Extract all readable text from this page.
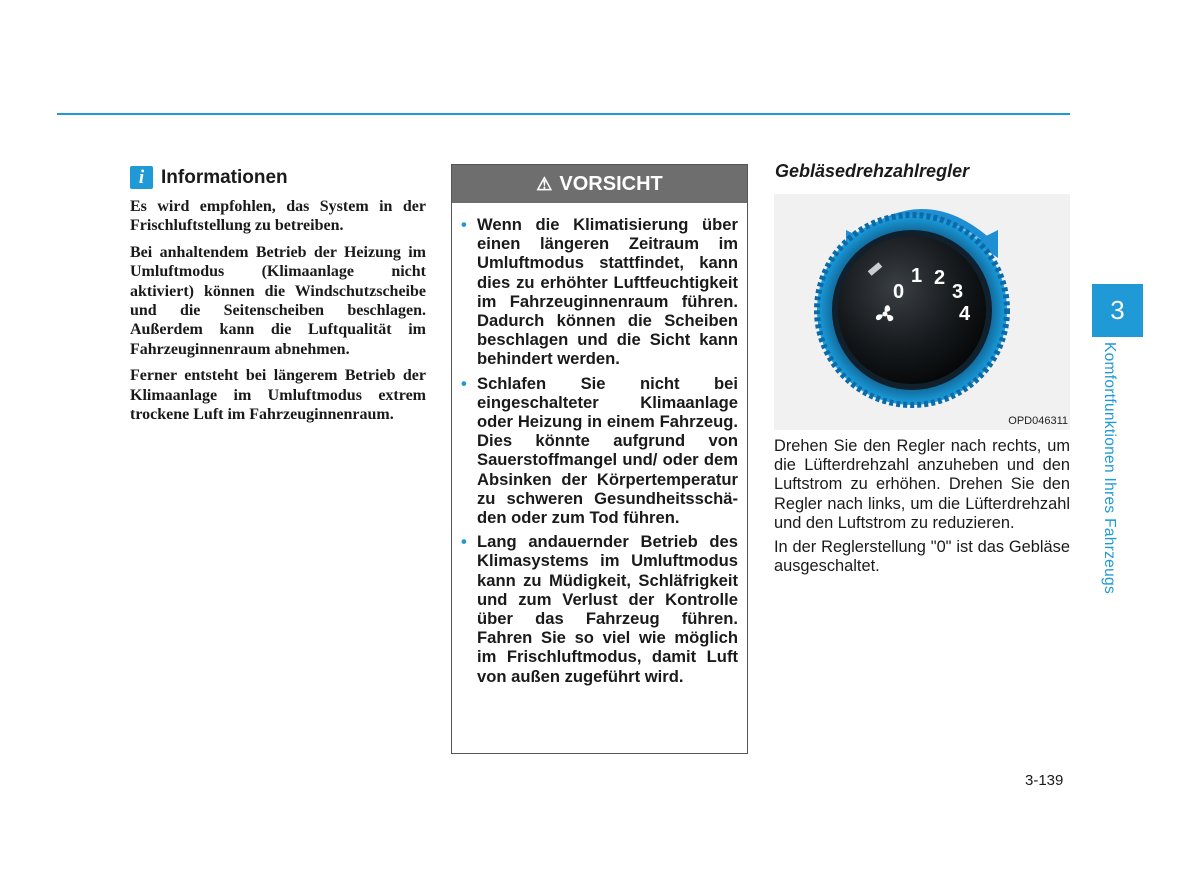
i Informationen

Es wird empfohlen, das System in der Frischluftstellung zu betreiben.

Bei anhaltendem Betrieb der Heizung im Umluftmodus (Klimaanlage nicht aktiviert) können die Windschutzscheibe und die Seitenscheiben beschlagen. Außerdem kann die Luftqualität im Fahrzeuginnenraum abnehmen.

Ferner entsteht bei längerem Betrieb der Klimaanlage im Umluftmodus extrem trockene Luft im Fahrzeuginnenraum.

⚠ VORSICHT
• Wenn die Klimatisierung über einen längeren Zeitraum im Umluftmodus stattfindet, kann dies zu erhöhter Luftfeuchtigkeit im Fahrzeuginnenraum führen. Dadurch können die Scheiben beschlagen und die Sicht kann behindert werden.
• Schlafen Sie nicht bei eingeschalteter Klimaanlage oder Heizung in einem Fahrzeug. Dies könnte aufgrund von Sauerstoffmangel und/ oder dem Absinken der Körpertemperatur zu schweren Gesundheitsschäden oder zum Tod führen.
• Lang andauernder Betrieb des Klimasystems im Umluftmodus kann zu Müdigkeit, Schläfrigkeit und zum Verlust der Kontrolle über das Fahrzeug führen. Fahren Sie so viel wie möglich im Frischluftmodus, damit Luft von außen zugeführt wird.
Gebläsedrehzahlregler
0
1 2
3
4
OPD046311

Drehen Sie den Regler nach rechts, um die Lüfterdrehzahl anzuheben und den Luftstrom zu erhöhen. Drehen Sie den Regler nach links, um die Lüfterdrehzahl und den Luftstrom zu reduzieren.

In der Reglerstellung "0" ist das Gebläse ausgeschaltet.

3
Komfortfunktionen Ihres Fahrzeugs
3-139
